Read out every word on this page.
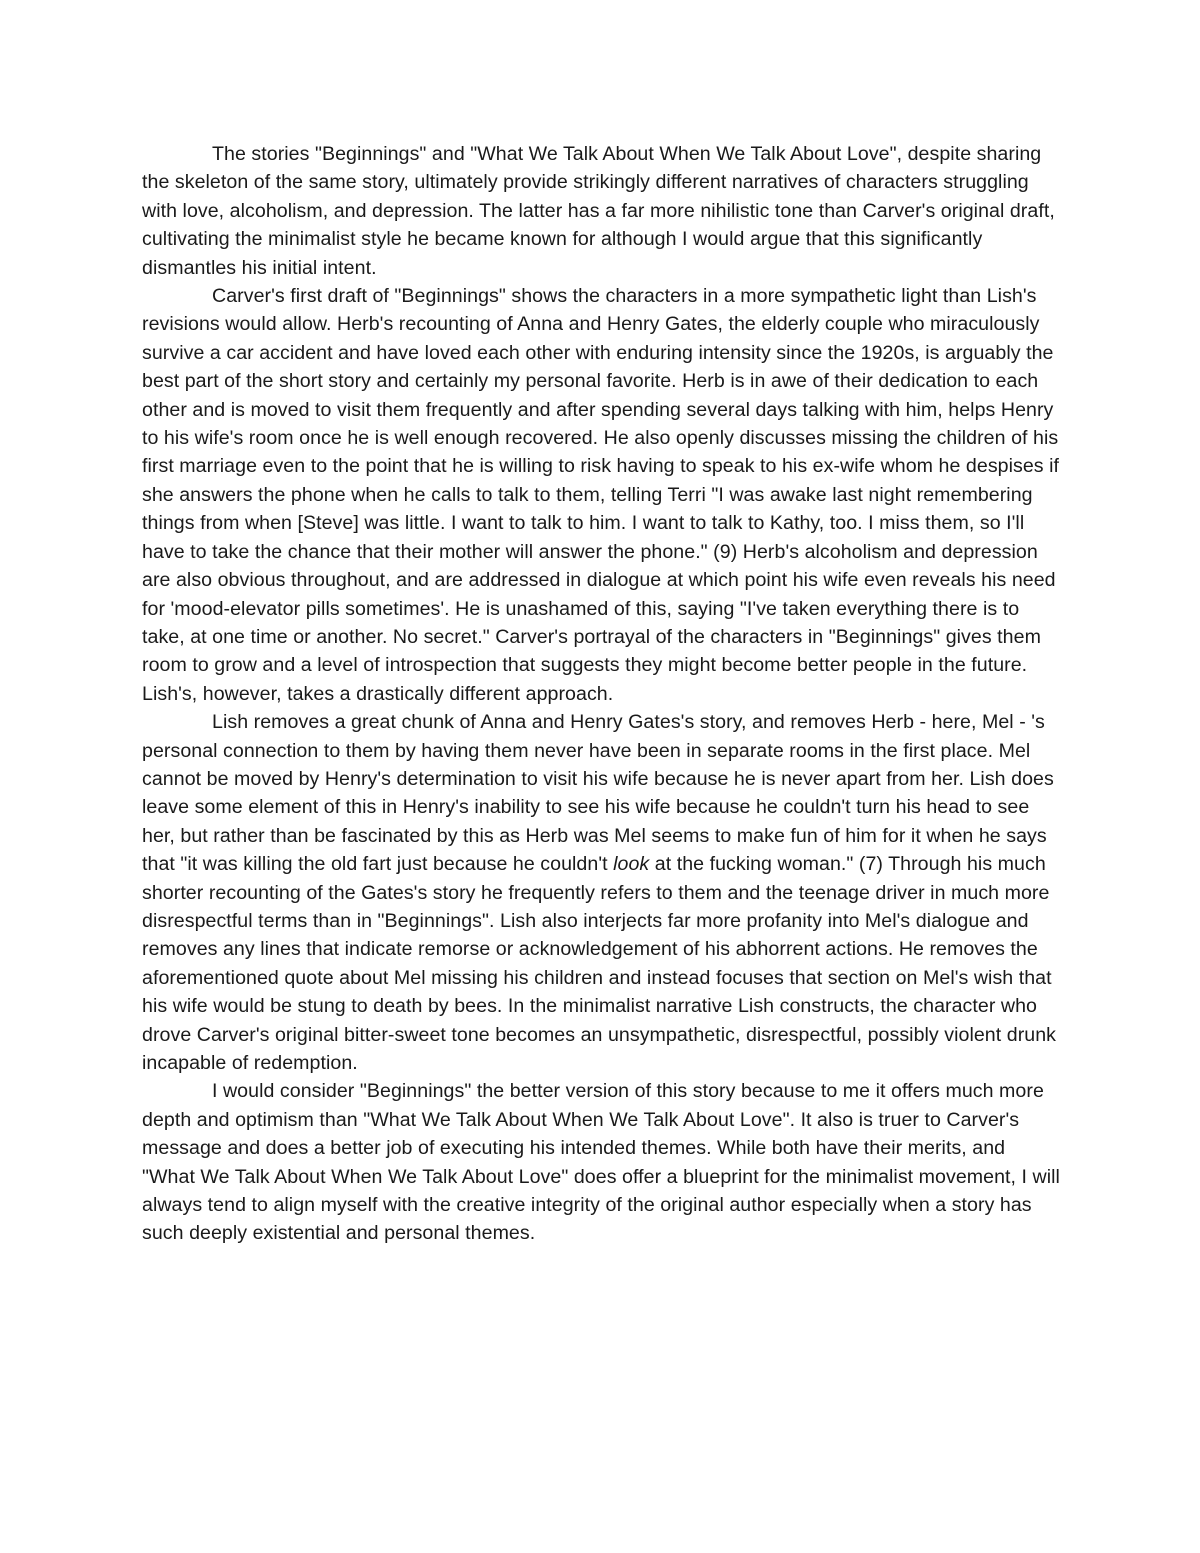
The stories "Beginnings" and "What We Talk About When We Talk About Love", despite sharing the skeleton of the same story, ultimately provide strikingly different narratives of characters struggling with love, alcoholism, and depression. The latter has a far more nihilistic tone than Carver's original draft, cultivating the minimalist style he became known for although I would argue that this significantly dismantles his initial intent.

Carver's first draft of "Beginnings" shows the characters in a more sympathetic light than Lish's revisions would allow. Herb's recounting of Anna and Henry Gates, the elderly couple who miraculously survive a car accident and have loved each other with enduring intensity since the 1920s, is arguably the best part of the short story and certainly my personal favorite. Herb is in awe of their dedication to each other and is moved to visit them frequently and after spending several days talking with him, helps Henry to his wife's room once he is well enough recovered. He also openly discusses missing the children of his first marriage even to the point that he is willing to risk having to speak to his ex-wife whom he despises if she answers the phone when he calls to talk to them, telling Terri "I was awake last night remembering things from when [Steve] was little. I want to talk to him. I want to talk to Kathy, too. I miss them, so I'll have to take the chance that their mother will answer the phone." (9) Herb's alcoholism and depression are also obvious throughout, and are addressed in dialogue at which point his wife even reveals his need for 'mood-elevator pills sometimes'. He is unashamed of this, saying "I've taken everything there is to take, at one time or another. No secret." Carver's portrayal of the characters in "Beginnings" gives them room to grow and a level of introspection that suggests they might become better people in the future. Lish's, however, takes a drastically different approach.

Lish removes a great chunk of Anna and Henry Gates's story, and removes Herb - here, Mel - 's personal connection to them by having them never have been in separate rooms in the first place. Mel cannot be moved by Henry's determination to visit his wife because he is never apart from her. Lish does leave some element of this in Henry's inability to see his wife because he couldn't turn his head to see her, but rather than be fascinated by this as Herb was Mel seems to make fun of him for it when he says that "it was killing the old fart just because he couldn't look at the fucking woman." (7) Through his much shorter recounting of the Gates's story he frequently refers to them and the teenage driver in much more disrespectful terms than in "Beginnings". Lish also interjects far more profanity into Mel's dialogue and removes any lines that indicate remorse or acknowledgement of his abhorrent actions. He removes the aforementioned quote about Mel missing his children and instead focuses that section on Mel's wish that his wife would be stung to death by bees. In the minimalist narrative Lish constructs, the character who drove Carver's original bitter-sweet tone becomes an unsympathetic, disrespectful, possibly violent drunk incapable of redemption.

I would consider "Beginnings" the better version of this story because to me it offers much more depth and optimism than "What We Talk About When We Talk About Love". It also is truer to Carver's message and does a better job of executing his intended themes. While both have their merits, and "What We Talk About When We Talk About Love" does offer a blueprint for the minimalist movement, I will always tend to align myself with the creative integrity of the original author especially when a story has such deeply existential and personal themes.
